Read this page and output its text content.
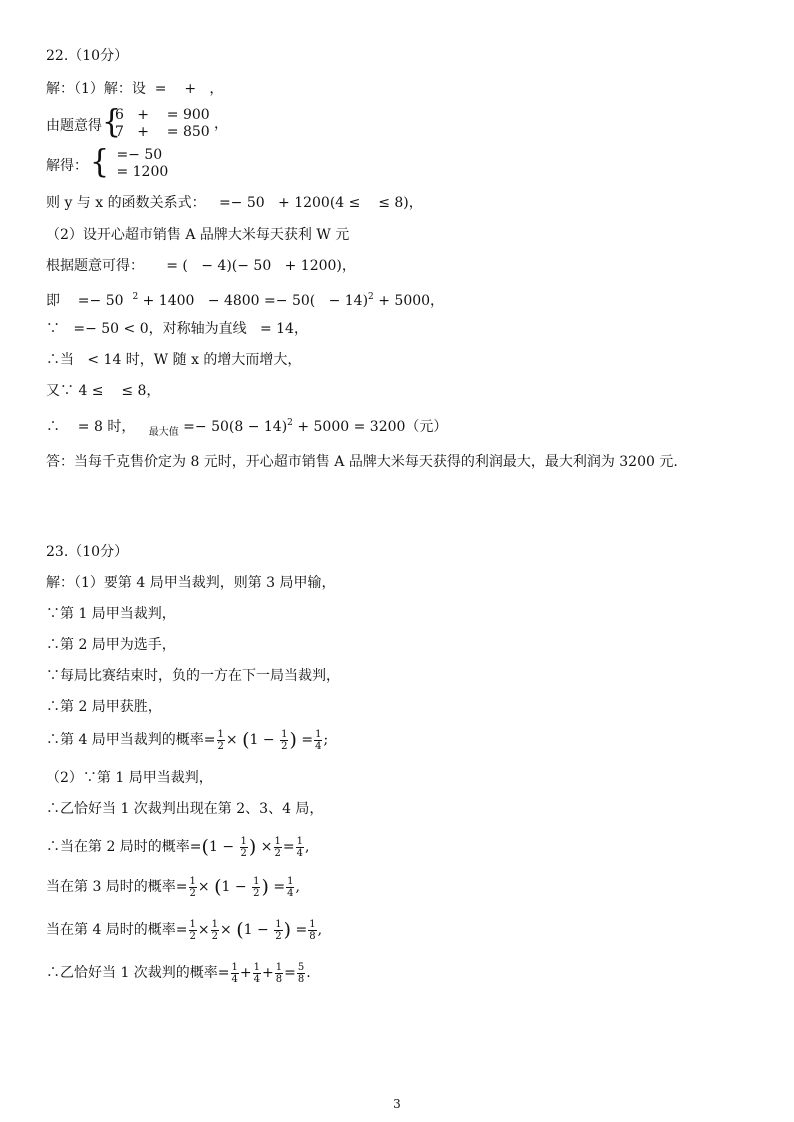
22.（10分）
解：（1）解：设  =    +   ，
由题意得 {
6   +    = 900
7   +    = 850 ，
解得： { =− 50
= 1200
则 y 与 x 的函数关系式：   =− 50   + 1200(4 ≤    ≤ 8)，
（2）设开心超市销售 A 品牌大米每天获利 W 元
根据题意可得：     = (   − 4)(− 50   + 1200)，
即    =− 50  $^2 + 1400 - 4800 =- 50( - 14)^2 + 5000$，
∵   =− 50 < 0，对称轴为直线   = 14，
∴当   < 14 时，W 随 x 的增大而增大，
又∵ 4 ≤    ≤ 8，
∴    = 8 时，   $_{最大值} =- 50(8 - 14)^2 + 5000 = 3200$（元）
答：当每千克售价定为 8 元时，开心超市销售 A 品牌大米每天获得的利润最大，最大利润为 3200 元.
23.（10分）
解：（1）要第 4 局甲当裁判，则第 3 局甲输，
∵第 1 局甲当裁判，
∴第 2 局甲为选手，
∵每局比赛结束时，负的一方在下一局当裁判，
∴第 2 局甲获胜，
∴第 4 局甲当裁判的概率= $\frac{1}{2} \times (1 - \frac{1}{2}$ ) = $\frac{1}{4}$ ;
（2）∵第 1 局甲当裁判，
∴乙恰好当 1 次裁判出现在第 2、3、4 局，
∴当在第 2 局时的概率$=(1 - \frac{1}{2}$ ) × $\frac{1}{2} = \frac{1}{4}$ ,
当在第 3 局时的概率= $\frac{1}{2} \times (1 - \frac{1}{2}$ ) = $\frac{1}{4}$ ,
当在第 4 局时的概率= $\frac{1}{2} \times \frac{1}{2} \times (1 - \frac{1}{2}$ ) = $\frac{1}{8}$ ,
∴乙恰好当 1 次裁判的概率= $\frac{1}{4} + \frac{1}{4} + \frac{1}{8} = \frac{5}{8}$ .
3
